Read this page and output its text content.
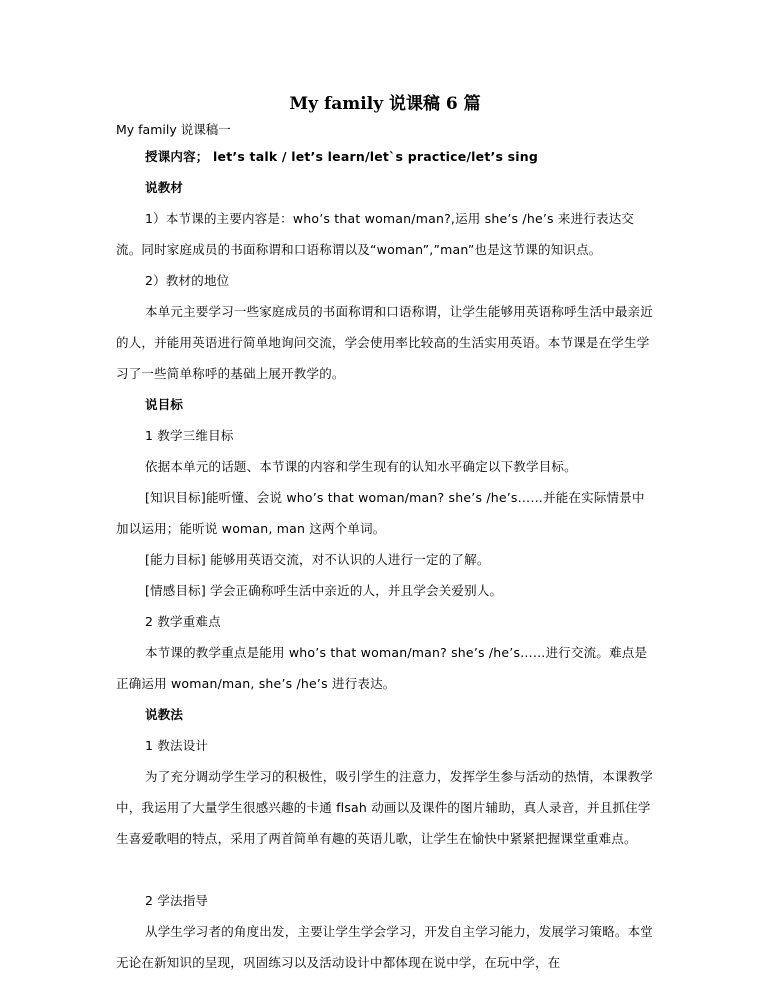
My family 说课稿 6 篇
My family 说课稿一
授课内容； let’s talk / let’s learn/let`s practice/let’s sing
说教材
1）本节课的主要内容是：who’s that woman/man?,运用 she’s /he’s 来进行表达交流。同时家庭成员的书面称谓和口语称谓以及“woman”,”man”也是这节课的知识点。
2）教材的地位
本单元主要学习一些家庭成员的书面称谓和口语称谓，让学生能够用英语称呼生活中最亲近的人，并能用英语进行简单地询问交流，学会使用率比较高的生活实用英语。本节课是在学生学习了一些简单称呼的基础上展开教学的。
说目标
1 教学三维目标
依据本单元的话题、本节课的内容和学生现有的认知水平确定以下教学目标。
[知识目标]能听懂、会说 who’s that woman/man? she’s /he’s……并能在实际情景中加以运用；能听说 woman, man 这两个单词。
[能力目标] 能够用英语交流，对不认识的人进行一定的了解。
[情感目标] 学会正确称呼生活中亲近的人，并且学会关爱别人。
2 教学重难点
本节课的教学重点是能用 who’s that woman/man? she’s /he’s……进行交流。难点是正确运用 woman/man, she’s /he’s 进行表达。
说教法
1 教法设计
为了充分调动学生学习的积极性，吸引学生的注意力，发挥学生参与活动的热情，本课教学中，我运用了大量学生很感兴趣的卡通 flsah 动画以及课件的图片辅助，真人录音，并且抓住学生喜爱歌唱的特点，采用了两首简单有趣的英语儿歌，让学生在愉快中紧紧把握课堂重难点。
2 学法指导
从学生学习者的角度出发，主要让学生学会学习，开发自主学习能力，发展学习策略。本堂无论在新知识的呈现，巩固练习以及活动设计中都体现在说中学，在玩中学，在
